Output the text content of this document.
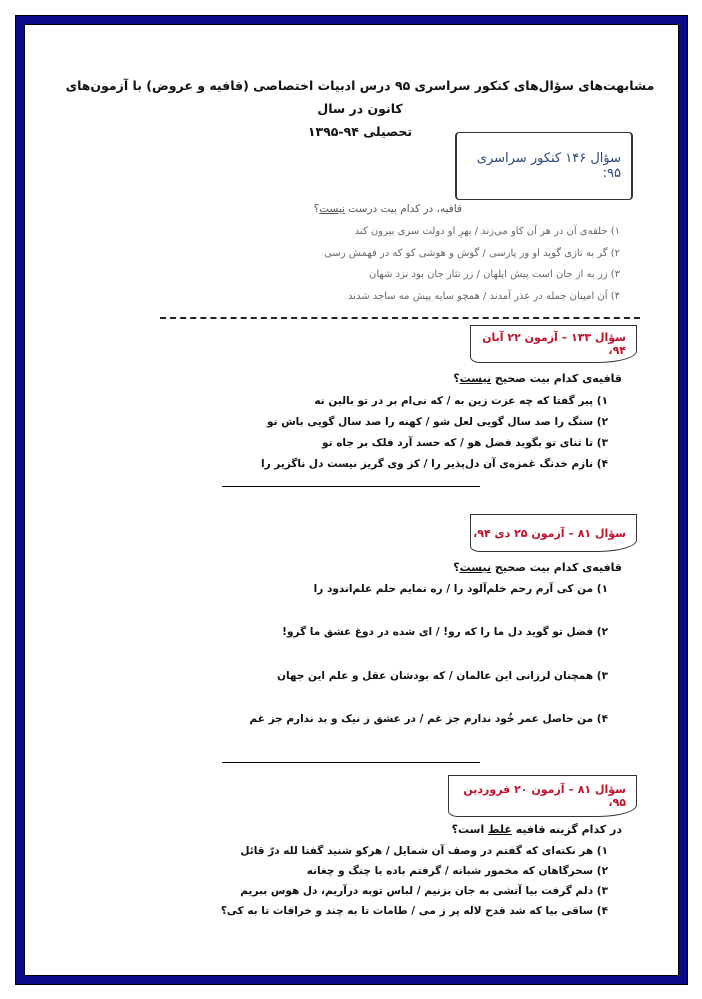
مشابهت‌های سؤال‌های کنکور سراسری ۹۵ درس ادبیات اختصاصی (قافیه و عروض) با آزمون‌های کانون در سال
تحصیلی ۹۴-۱۳۹۵
سؤال ۱۴۶ کنکور سراسری ۹۵:
قافیه، در کدام بیت درست نیست؟
۱) حلقه‌ی آن در هر آن کاو می‌زند / بهرِ او دولت سری بیرون کند
۲) گر به تازی گوید او ور پارسی / گوش و هوشی کو که در فهمش رسی
۳) زر به از جان است پیش ابلهان / زر نثار جان بود نزد شهان
۴) آن امینان جمله در عذر آمدند / همچو سایه پیش مه ساجد شدند
سؤال ۱۳۳ – آزمون ۲۲ آبان ۹۴،
قافیه‌ی کدام بیت صحیح نیست؟
۱) پیر گفتا که چه عزت زین به / که نی‌ام بر در تو بالین نه
۲) سنگ را صد سال گویی لعل شو / کهنه را صد سال گویی باش نو
۳) تا ثنای تو بگوید فضل هو / که حسد آرد فلک بر جاه تو
۴) نازم خدنگ غمزه‌ی آن دل‌پذیر را / کز وی گریز نیست دل ناگزیر را
سؤال ۸۱ – آزمون ۲۵ دی ۹۴،
قافیه‌ی کدام بیت صحیح نیست؟
۱) من کی آرم رحم خلم‌آلود را / ره نمایم حلم علم‌اندود را
۲) فضل تو گوید دل ما را که رو! / ای شده در دوغ عشق ما گرو!
۳) همچنان لرزانی این عالمان / که بودشان عقل و علم این جهان
۴) من حاصل عمر خُود ندارم جز غم / در عشق ز نیک و بد ندارم جز غم
سؤال ۸۱ – آزمون ۲۰ فروردین ۹۵،
در کدام گزینه قافیه غلط است؟
۱) هر نکته‌ای که گفتم در وصف آن شمایل / هرکو شنید گفتا لله درّ قائل
۲) سحرگاهان که مخمور شبانه / گرفتم باده با چنگ و چغانه
۳) دلم گرفت بیا آتشی به جان بزنیم / لباس توبه درآریم، دل هوس ببریم
۴) ساقی بیا که شد قدح لاله پر ز می / طامات تا به چند و خرافات تا به کی؟
